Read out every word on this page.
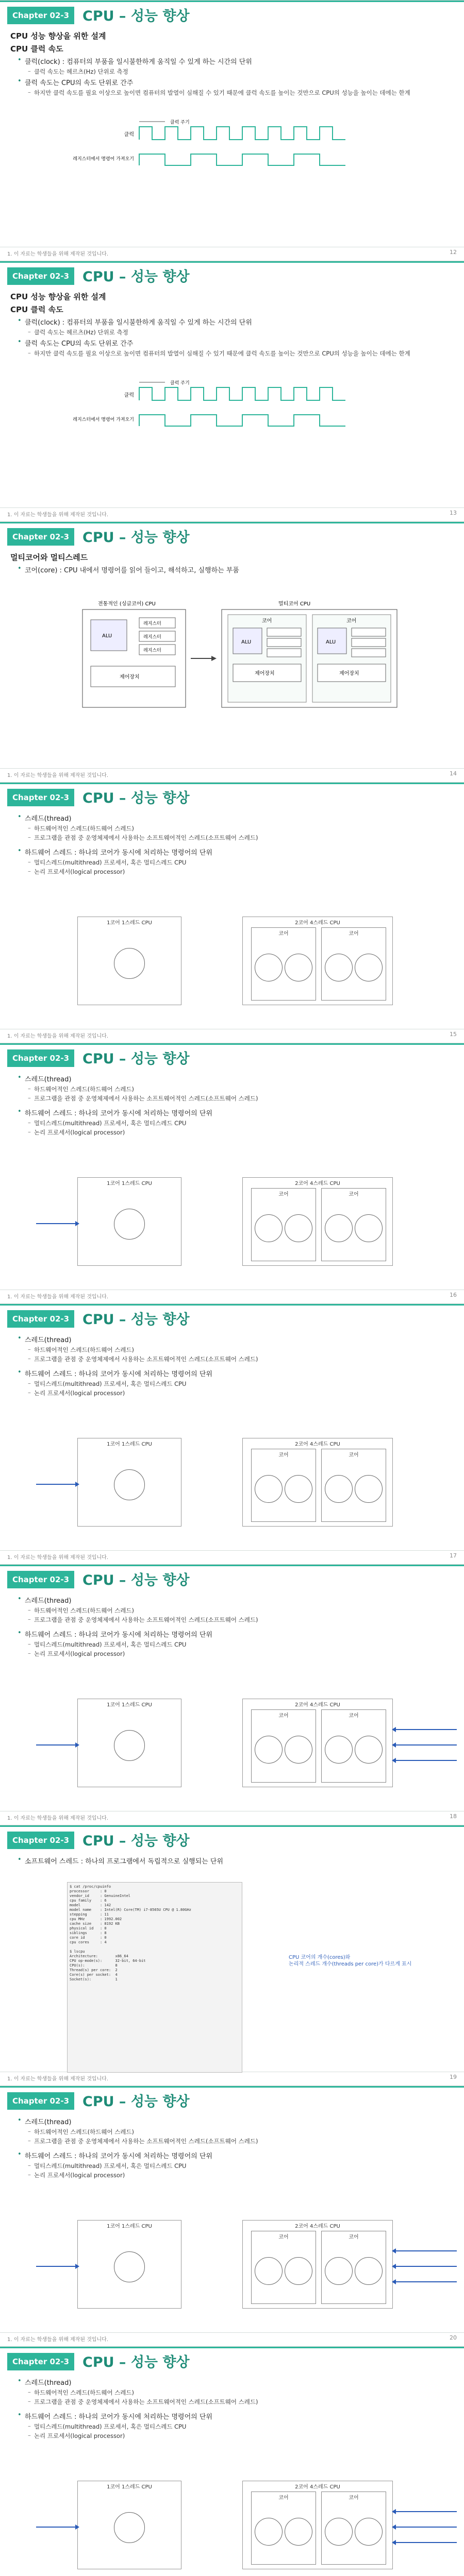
Chapter 02-3 CPU – 성능 향상
12
1. 이 자료는 학생들을 위해 제작된 것입니다.
CPU 성능 향상을 위한 설계
CPU 클럭 속도
• 클럭(clock) : 컴퓨터의 부품을 일시불한하게 움직일 수 있게 하는 시간의 단위
– 클럭 속도는 헤르츠(Hz) 단위로 측정
• 클럭 속도는 CPU의 속도 단위로 간주
– 하지만 클럭 속도를 필요 이상으로 높이면 컴퓨터의 발열이 심해질 수 있기 때문에 클럭 속도를 높이는 것만으로 CPU의 성능을 높이는 데에는 한계
클럭
레지스터에서 명령어 가져오기
클럭 주기
Chapter 02-3 CPU – 성능 향상
13
1. 이 자료는 학생들을 위해 제작된 것입니다.
CPU 성능 향상을 위한 설계
CPU 클럭 속도
• 클럭(clock) : 컴퓨터의 부품을 일시불한하게 움직일 수 있게 하는 시간의 단위
– 클럭 속도는 헤르츠(Hz) 단위로 측정
• 클럭 속도는 CPU의 속도 단위로 간주
– 하지만 클럭 속도를 필요 이상으로 높이면 컴퓨터의 발열이 심해질 수 있기 때문에 클럭 속도를 높이는 것만으로 CPU의 성능을 높이는 데에는 한계
클럭
레지스터에서 명령어 가져오기
클럭 주기
Chapter 02-3 CPU – 성능 향상
14
1. 이 자료는 학생들을 위해 제작된 것입니다.
멀티코어와 멀티스레드
• 코어(core) : CPU 내에서 명령어를 읽어 들이고, 해석하고, 실행하는 부품
전통적인 (싱글코어) CPU
ALU
레지스터
레지스터
레지스터
제어장치
멀티코어 CPU
코어
ALU
제어장치
코어
ALU
제어장치
Chapter 02-3 CPU – 성능 향상
15
1. 이 자료는 학생들을 위해 제작된 것입니다.
• 스레드(thread)
– 하드웨어적인 스레드(하드웨어 스레드)
– 프로그램을 관점 중 운영체제에서 사용하는 소프트웨어적인 스레드(소프트웨어 스레드)
• 하드웨어 스레드 : 하나의 코어가 동시에 처리하는 명령어의 단위
– 멀티스레드(multithread) 프로세서, 혹은 멀티스레드 CPU
– 논리 프로세서(logical processor)
1코어 1스레드 CPU	2코어 4스레드 CPU
코어	코어
Chapter 02-3 CPU – 성능 향상
16
1. 이 자료는 학생들을 위해 제작된 것입니다.
• 스레드(thread)
– 하드웨어적인 스레드(하드웨어 스레드)
– 프로그램을 관점 중 운영체제에서 사용하는 소프트웨어적인 스레드(소프트웨어 스레드)
• 하드웨어 스레드 : 하나의 코어가 동시에 처리하는 명령어의 단위
– 멀티스레드(multithread) 프로세서, 혹은 멀티스레드 CPU
– 논리 프로세서(logical processor)
1코어 1스레드 CPU	2코어 4스레드 CPU
코어	코어
Chapter 02-3 CPU – 성능 향상
17
1. 이 자료는 학생들을 위해 제작된 것입니다.
• 스레드(thread)
– 하드웨어적인 스레드(하드웨어 스레드)
– 프로그램을 관점 중 운영체제에서 사용하는 소프트웨어적인 스레드(소프트웨어 스레드)
• 하드웨어 스레드 : 하나의 코어가 동시에 처리하는 명령어의 단위
– 멀티스레드(multithread) 프로세서, 혹은 멀티스레드 CPU
– 논리 프로세서(logical processor)
1코어 1스레드 CPU	2코어 4스레드 CPU
코어	코어
Chapter 02-3 CPU – 성능 향상
18
1. 이 자료는 학생들을 위해 제작된 것입니다.
• 스레드(thread)
– 하드웨어적인 스레드(하드웨어 스레드)
– 프로그램을 관점 중 운영체제에서 사용하는 소프트웨어적인 스레드(소프트웨어 스레드)
• 하드웨어 스레드 : 하나의 코어가 동시에 처리하는 명령어의 단위
– 멀티스레드(multithread) 프로세서, 혹은 멀티스레드 CPU
– 논리 프로세서(logical processor)
1코어 1스레드 CPU	2코어 4스레드 CPU
코어	코어
Chapter 02-3 CPU – 성능 향상
19
1. 이 자료는 학생들을 위해 제작된 것입니다.
• 소프트웨어 스레드 : 하나의 프로그램에서 독립적으로 실행되는 단위
$ cat /proc/cpuinfo
processor     : 0
vendor_id     : GenuineIntel
cpu family    : 6
model         : 142
model name    : Intel(R) Core(TM) i7-8565U CPU @ 1.80GHz
stepping      : 11
cpu MHz       : 1992.002
cache size    : 8192 KB
physical id   : 0
siblings      : 8
core id       : 0
cpu cores     : 4

$ lscpu
Architecture:        x86_64
CPU op-mode(s):      32-bit, 64-bit
CPU(s):              8
Thread(s) per core:  2
Core(s) per socket:  4
Socket(s):           1
CPU 코어의 개수(cores)와
논리적 스레드 개수(threads per core)가 다르게 표시
Chapter 02-3 CPU – 성능 향상
20
1. 이 자료는 학생들을 위해 제작된 것입니다.
• 스레드(thread)
– 하드웨어적인 스레드(하드웨어 스레드)
– 프로그램을 관점 중 운영체제에서 사용하는 소프트웨어적인 스레드(소프트웨어 스레드)
• 하드웨어 스레드 : 하나의 코어가 동시에 처리하는 명령어의 단위
– 멀티스레드(multithread) 프로세서, 혹은 멀티스레드 CPU
– 논리 프로세서(logical processor)
1코어 1스레드 CPU	2코어 4스레드 CPU
코어	코어
Chapter 02-3 CPU – 성능 향상
• 스레드(thread)
– 하드웨어적인 스레드(하드웨어 스레드)
– 프로그램을 관점 중 운영체제에서 사용하는 소프트웨어적인 스레드(소프트웨어 스레드)
• 하드웨어 스레드 : 하나의 코어가 동시에 처리하는 명령어의 단위
– 멀티스레드(multithread) 프로세서, 혹은 멀티스레드 CPU
– 논리 프로세서(logical processor)
1코어 1스레드 CPU	2코어 4스레드 CPU
코어	코어
